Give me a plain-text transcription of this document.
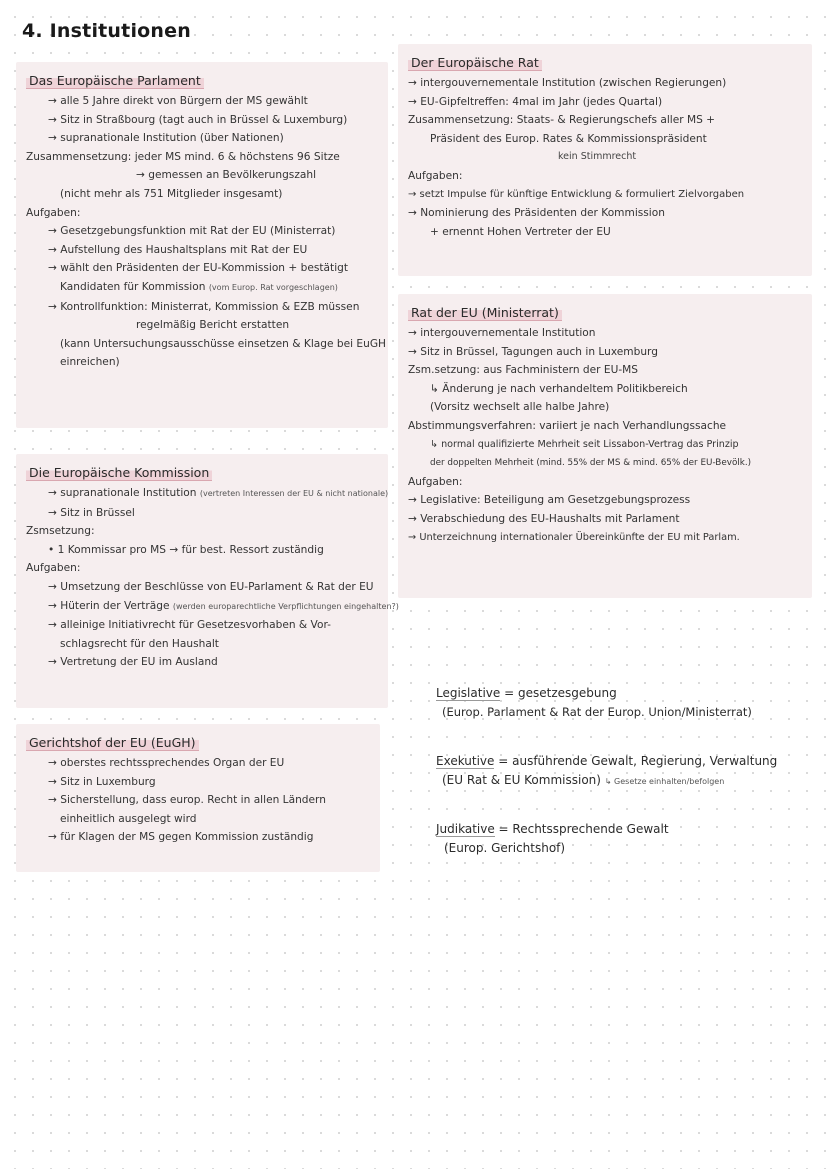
4. Institutionen
Das Europäische Parlament
→ alle 5 Jahre direkt von Bürgern der MS gewählt
→ Sitz in Straßbourg (tagt auch in Brüssel & Luxemburg)
→ supranationale Institution (über Nationen)
Zusammensetzung: jeder MS mind. 6 & höchstens 96 Sitze
→ gemessen an Bevölkerungszahl
(nicht mehr als 751 Mitglieder insgesamt)
Aufgaben:
→ Gesetzgebungsfunktion mit Rat der EU (Ministerrat)
→ Aufstellung des Haushaltsplans mit Rat der EU
→ wählt den Präsidenten der EU-Kommission + bestätigt
Kandidaten für Kommission (vom Europ. Rat vorgeschlagen)
→ Kontrollfunktion: Ministerrat, Kommission & EZB müssen
regelmäßig Bericht erstatten
(kann Untersuchungsausschüsse einsetzen & Klage bei EuGH
einreichen)
Die Europäische Kommission
→ supranationale Institution (vertreten Interessen der EU & nicht nationale)
→ Sitz in Brüssel
Zsmsetzung:
• 1 Kommissar pro MS → für best. Ressort zuständig
Aufgaben:
→ Umsetzung der Beschlüsse von EU-Parlament & Rat der EU
→ Hüterin der Verträge (werden europarechtliche Verpflichtungen eingehalten?)
→ alleinige Initiativrecht für Gesetzesvorhaben & Vor-
schlagsrecht für den Haushalt
→ Vertretung der EU im Ausland
Gerichtshof der EU (EuGH)
→ oberstes rechtssprechendes Organ der EU
→ Sitz in Luxemburg
→ Sicherstellung, dass europ. Recht in allen Ländern
einheitlich ausgelegt wird
→ für Klagen der MS gegen Kommission zuständig
Der Europäische Rat
→ intergouvernementale Institution (zwischen Regierungen)
→ EU-Gipfeltreffen: 4mal im Jahr (jedes Quartal)
Zusammensetzung: Staats- & Regierungschefs aller MS +
Präsident des Europ. Rates & Kommissionspräsident
kein Stimmrecht
Aufgaben:
→ setzt Impulse für künftige Entwicklung & formuliert Zielvorgaben
→ Nominierung des Präsidenten der Kommission
+ ernennt Hohen Vertreter der EU
Rat der EU (Ministerrat)
→ intergouvernementale Institution
→ Sitz in Brüssel, Tagungen auch in Luxemburg
Zsm.setzung: aus Fachministern der EU-MS
↳ Änderung je nach verhandeltem Politikbereich
(Vorsitz wechselt alle halbe Jahre)
Abstimmungsverfahren: variiert je nach Verhandlungssache
↳ normal qualifizierte Mehrheit seit Lissabon-Vertrag das Prinzip
der doppelten Mehrheit (mind. 55% der MS & mind. 65% der EU-Bevölk.)
Aufgaben:
→ Legislative: Beteiligung am Gesetzgebungsprozess
→ Verabschiedung des EU-Haushalts mit Parlament
→ Unterzeichnung internationaler Übereinkünfte der EU mit Parlam.
Legislative = gesetzesgebung
(Europ. Parlament & Rat der Europ. Union/Ministerrat)
Exekutive = ausführende Gewalt, Regierung, Verwaltung
(EU Rat & EU Kommission) ↳ Gesetze einhalten/befolgen
Judikative = Rechtssprechende Gewalt
(Europ. Gerichtshof)
